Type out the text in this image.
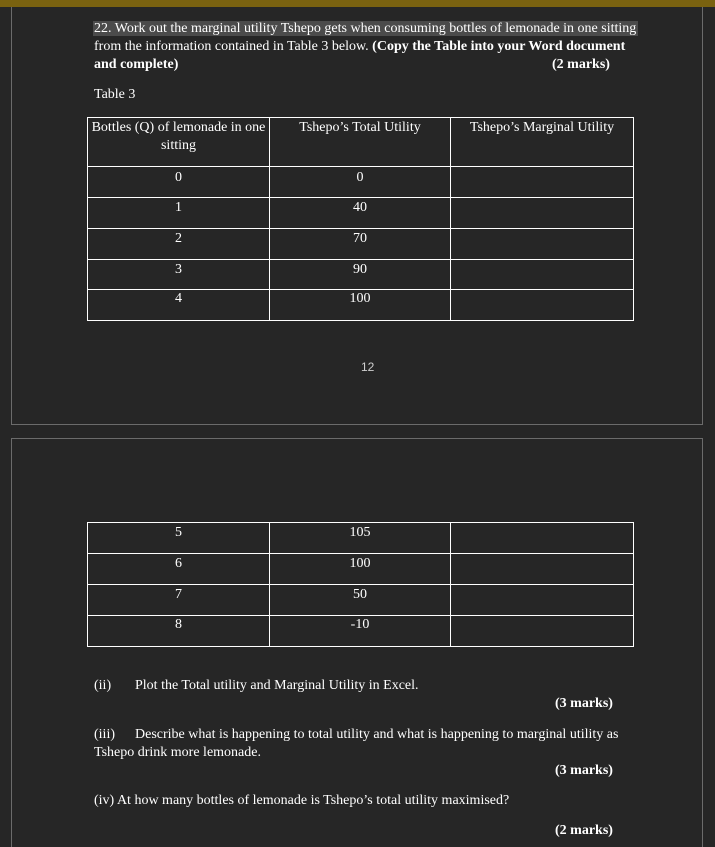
22. Work out the marginal utility Tshepo gets when consuming bottles of lemonade in one sitting
from the information contained in Table 3 below. (Copy the Table into your Word document
and complete)	(2 marks)
Table 3
Bottles (Q) of lemonade in one sitting	Tshepo’s Total Utility	Tshepo’s Marginal Utility
0	0	
1	40	
2	70	
3	90	
4	100	
12
5	105	
6	100	
7	50	
8	-10	
(ii) Plot the Total utility and Marginal Utility in Excel.
(3 marks)
(iii) Describe what is happening to total utility and what is happening to marginal utility as
Tshepo drink more lemonade.
(3 marks)
(iv) At how many bottles of lemonade is Tshepo’s total utility maximised?
(2 marks)
